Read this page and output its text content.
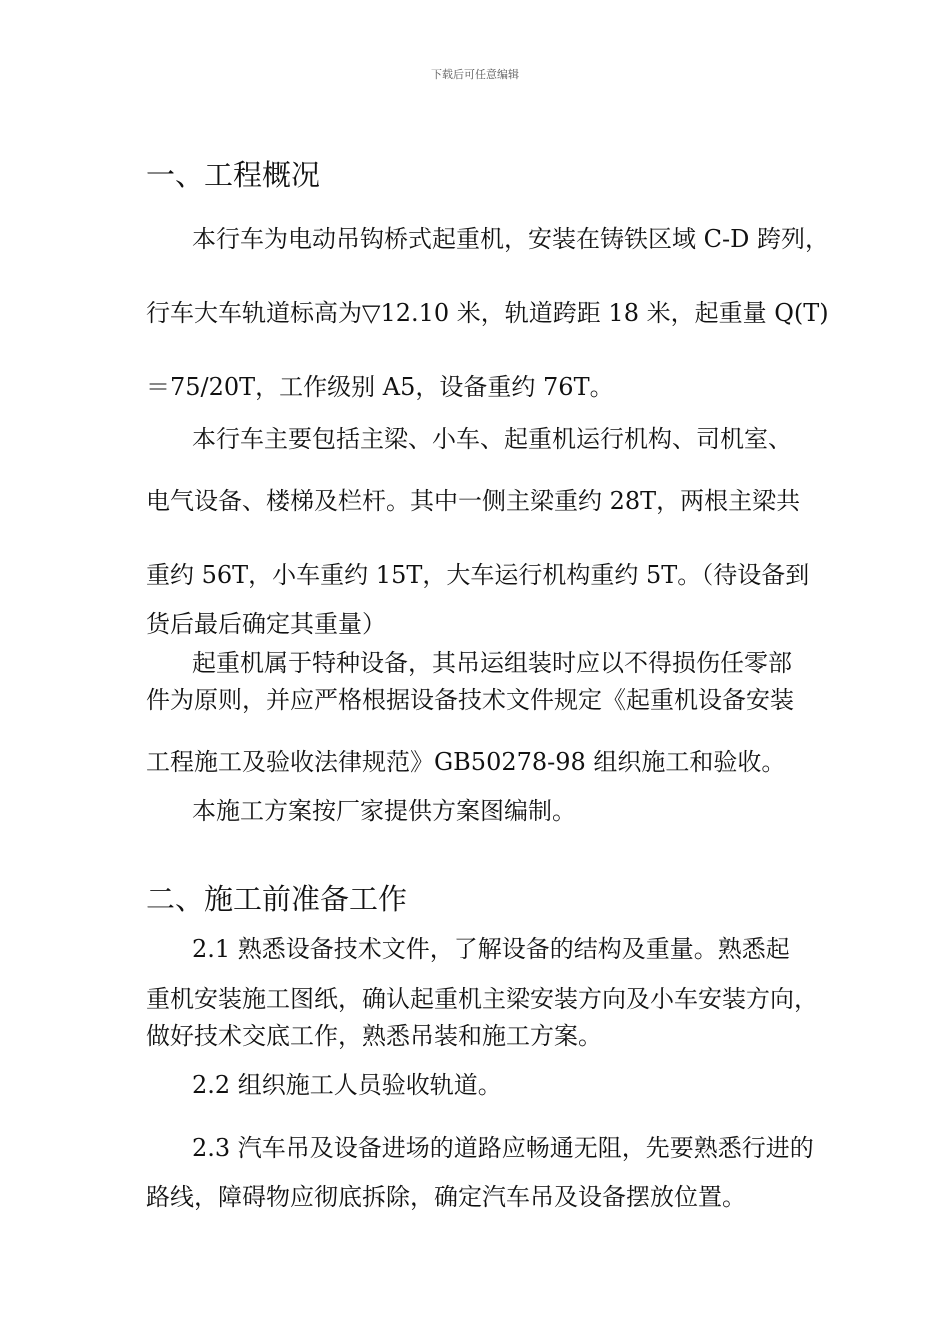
下载后可任意编辑
一、工程概况
本行车为电动吊钩桥式起重机，安装在铸铁区域 C-D 跨列，
行车大车轨道标高为▽12.10 米，轨道跨距 18 米，起重量 Q(T)
＝75/20T，工作级别 A5，设备重约 76T。
本行车主要包括主梁、小车、起重机运行机构、司机室、
电气设备、楼梯及栏杆。其中一侧主梁重约 28T，两根主梁共
重约 56T，小车重约 15T，大车运行机构重约 5T。（待设备到
货后最后确定其重量）
起重机属于特种设备，其吊运组装时应以不得损伤任零部
件为原则，并应严格根据设备技术文件规定《起重机设备安装
工程施工及验收法律规范》GB50278-98 组织施工和验收。
本施工方案按厂家提供方案图编制。
二、施工前准备工作
2.1 熟悉设备技术文件，了解设备的结构及重量。熟悉起
重机安装施工图纸，确认起重机主梁安装方向及小车安装方向，
做好技术交底工作，熟悉吊装和施工方案。
2.2 组织施工人员验收轨道。
2.3 汽车吊及设备进场的道路应畅通无阻，先要熟悉行进的
路线，障碍物应彻底拆除，确定汽车吊及设备摆放位置。
